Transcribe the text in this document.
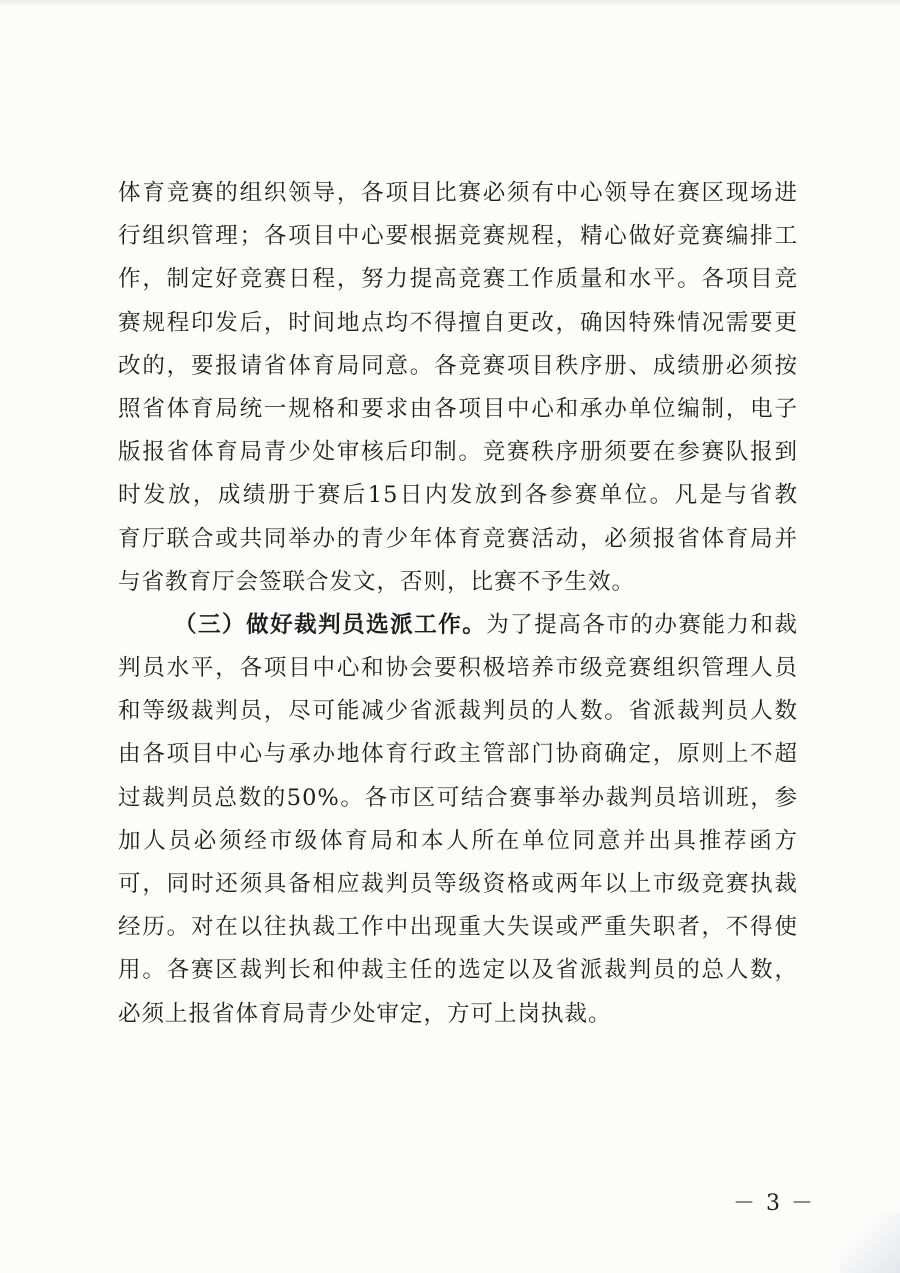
体育竞赛的组织领导，各项目比赛必须有中心领导在赛区现场进
行组织管理；各项目中心要根据竞赛规程，精心做好竞赛编排工
作，制定好竞赛日程，努力提高竞赛工作质量和水平。各项目竞
赛规程印发后，时间地点均不得擅自更改，确因特殊情况需要更
改的，要报请省体育局同意。各竞赛项目秩序册、成绩册必须按
照省体育局统一规格和要求由各项目中心和承办单位编制，电子
版报省体育局青少处审核后印制。竞赛秩序册须要在参赛队报到
时发放，成绩册于赛后15日内发放到各参赛单位。凡是与省教
育厅联合或共同举办的青少年体育竞赛活动，必须报省体育局并
与省教育厅会签联合发文，否则，比赛不予生效。
（三）做好裁判员选派工作。为了提高各市的办赛能力和裁
判员水平，各项目中心和协会要积极培养市级竞赛组织管理人员
和等级裁判员，尽可能减少省派裁判员的人数。省派裁判员人数
由各项目中心与承办地体育行政主管部门协商确定，原则上不超
过裁判员总数的50%。各市区可结合赛事举办裁判员培训班，参
加人员必须经市级体育局和本人所在单位同意并出具推荐函方
可，同时还须具备相应裁判员等级资格或两年以上市级竞赛执裁
经历。对在以往执裁工作中出现重大失误或严重失职者，不得使
用。各赛区裁判长和仲裁主任的选定以及省派裁判员的总人数，
必须上报省体育局青少处审定，方可上岗执裁。
－ 3 －
